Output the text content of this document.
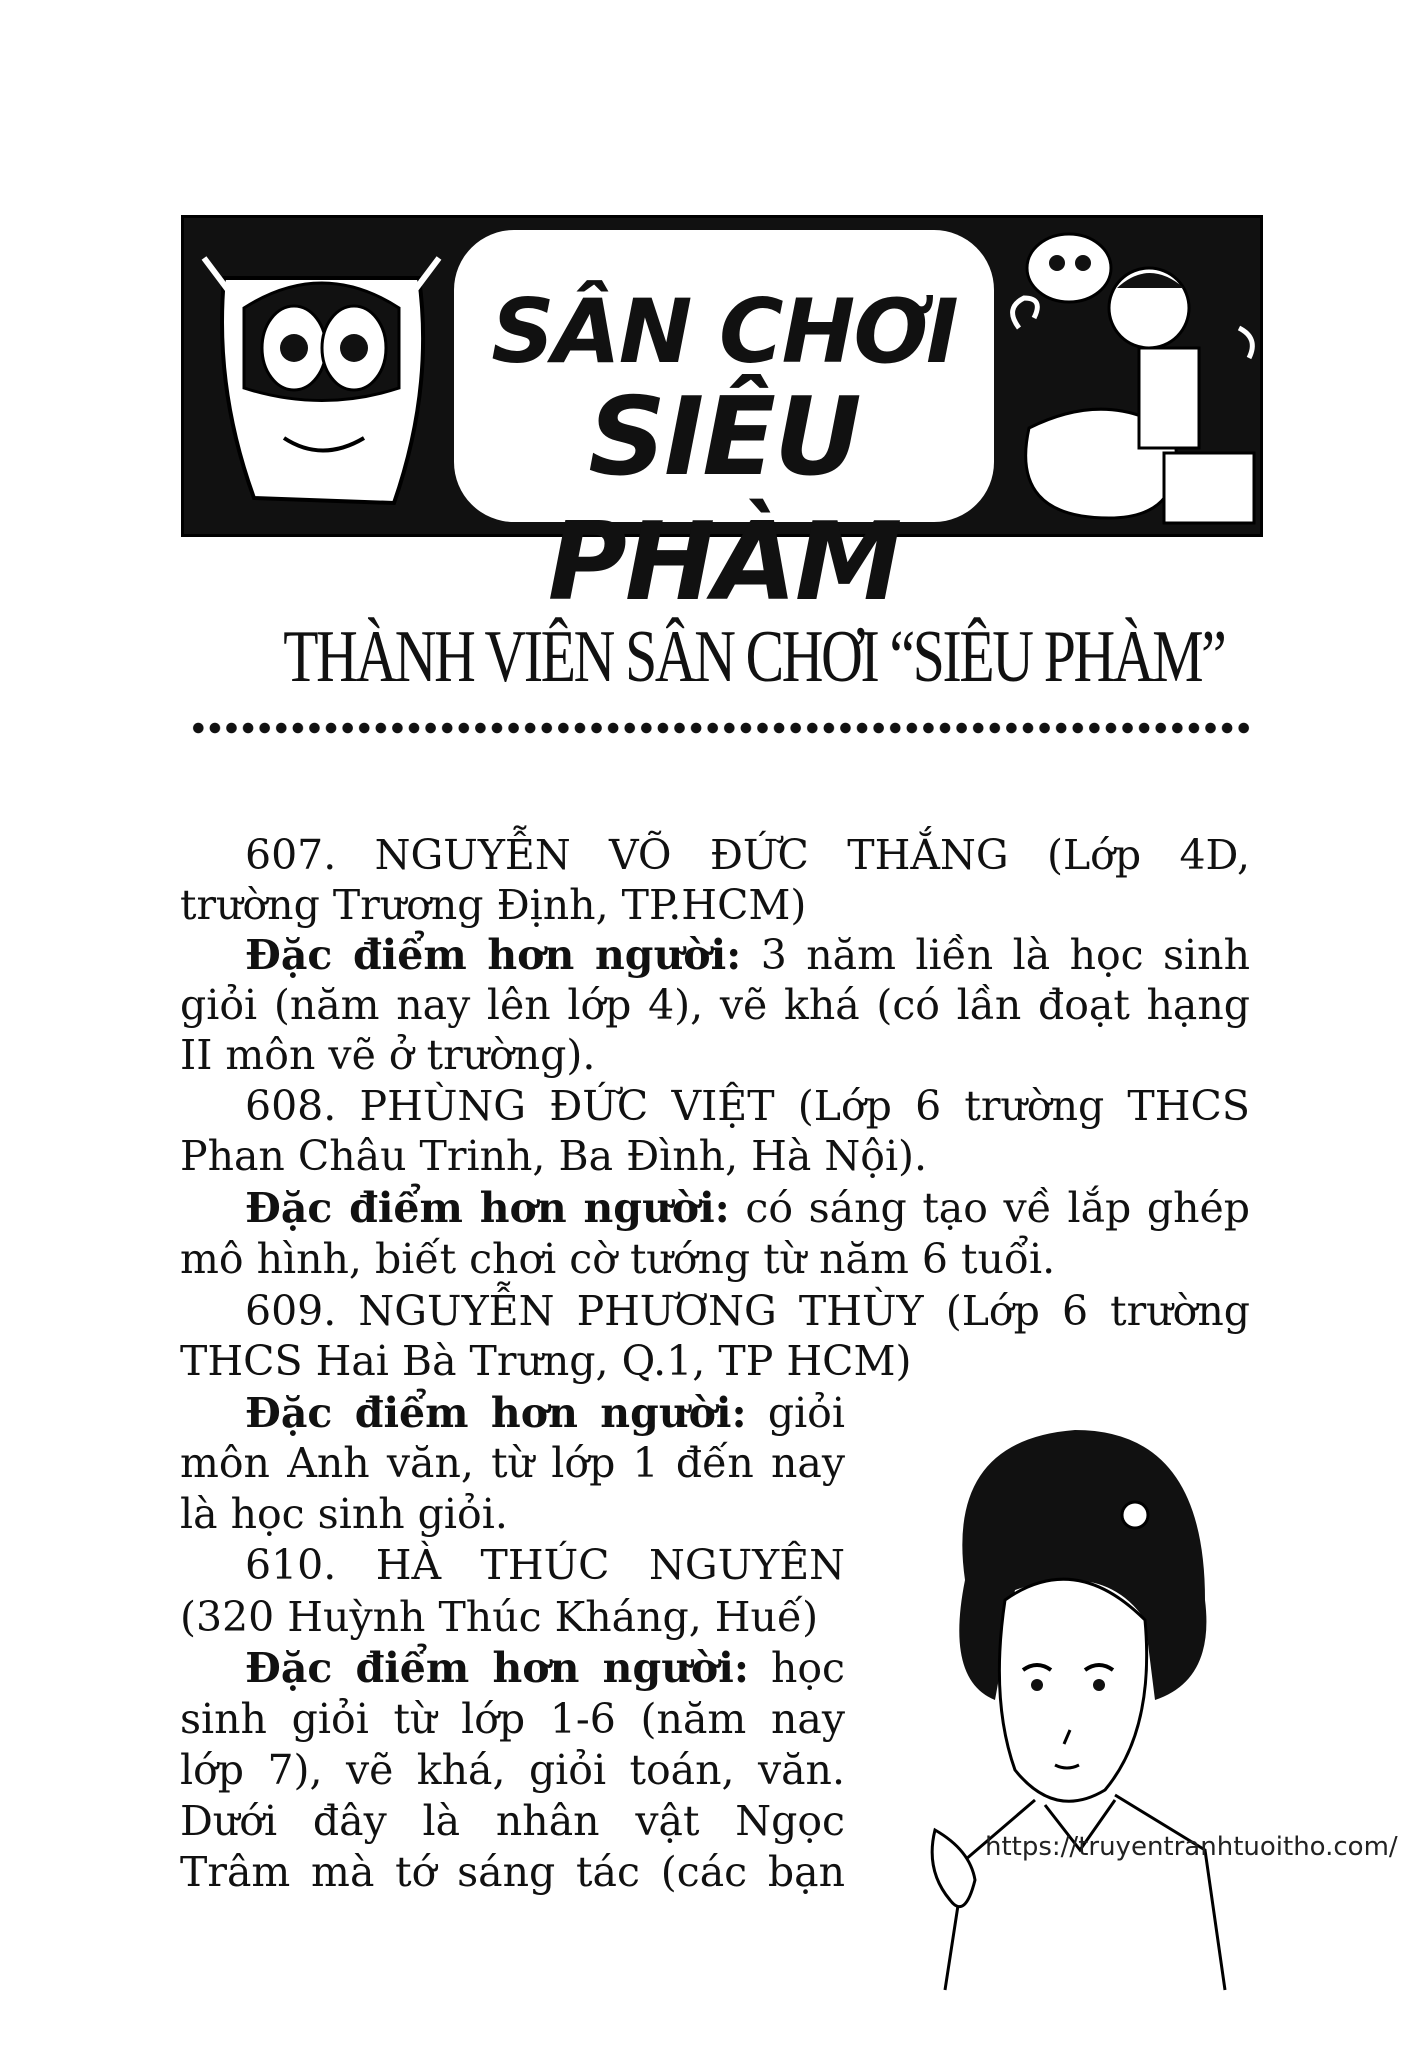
SÂN CHƠI
SIÊU PHÀM
THÀNH VIÊN SÂN CHƠI “SIÊU PHÀM”
607. NGUYỄN VÕ ĐỨC THẮNG (Lớp 4D,
trường Trương Định, TP.HCM)
Đặc điểm hơn người: 3 năm liền là học sinh
giỏi (năm nay lên lớp 4), vẽ khá (có lần đoạt hạng
II môn vẽ ở trường).
608. PHÙNG ĐỨC VIỆT (Lớp 6 trường THCS
Phan Châu Trinh, Ba Đình, Hà Nội).
Đặc điểm hơn người: có sáng tạo về lắp ghép
mô hình, biết chơi cờ tướng từ năm 6 tuổi.
609. NGUYỄN PHƯƠNG THÙY (Lớp 6 trường
THCS Hai Bà Trưng, Q.1, TP HCM)
Đặc điểm hơn người: giỏi
môn Anh văn, từ lớp 1 đến nay
là học sinh giỏi.
610. HÀ THÚC NGUYÊN
(320 Huỳnh Thúc Kháng, Huế)
Đặc điểm hơn người: học
sinh giỏi từ lớp 1-6 (năm nay
lớp 7), vẽ khá, giỏi toán, văn.
Dưới đây là nhân vật Ngọc
Trâm mà tớ sáng tác (các bạn
https://truyentranhtuoitho.com/
